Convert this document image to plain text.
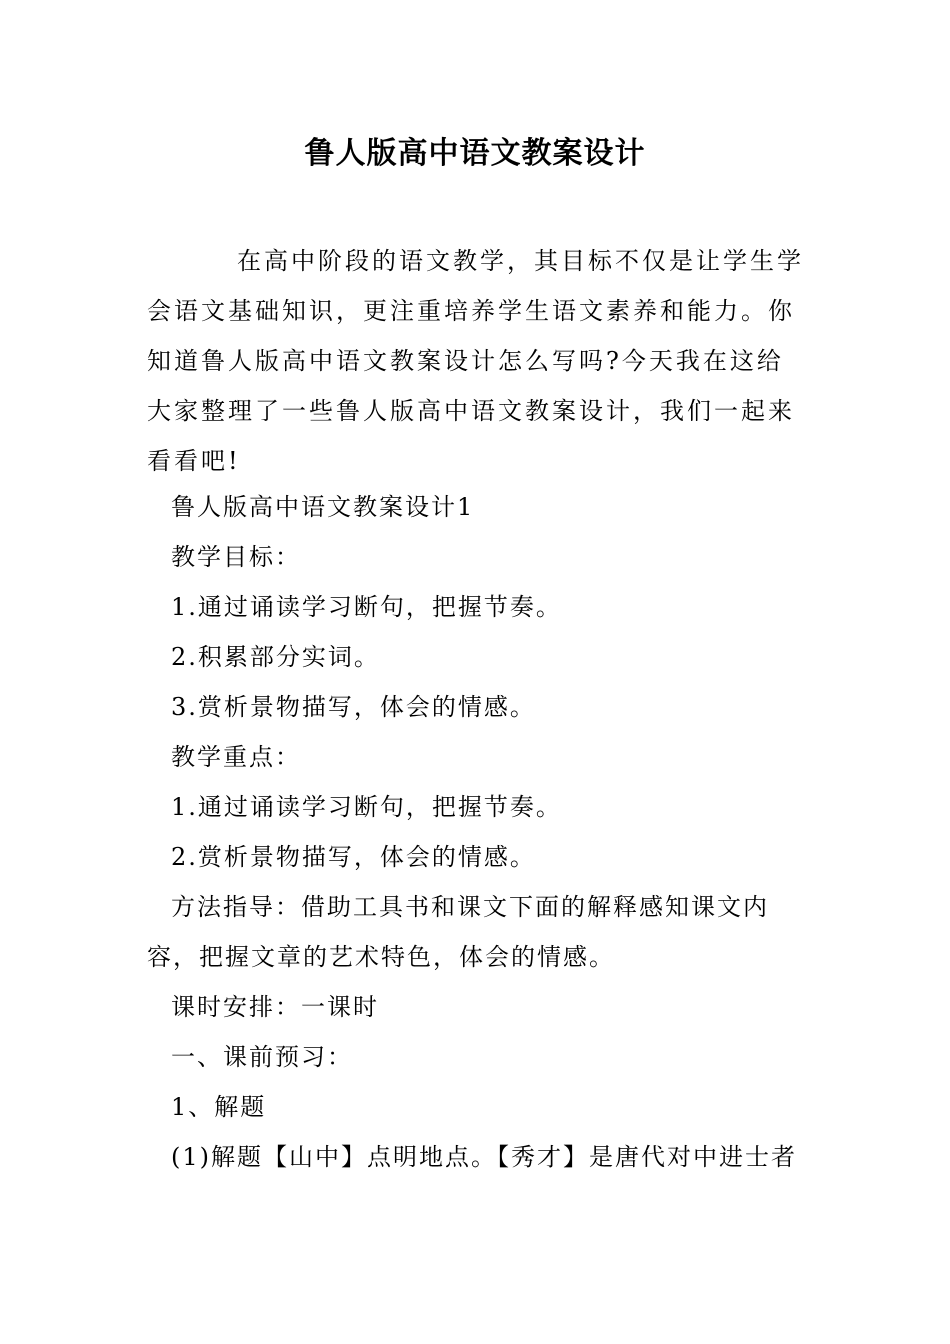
鲁人版高中语文教案设计

在高中阶段的语文教学，其目标不仅是让学生学会语文基础知识，更注重培养学生语文素养和能力。你知道鲁人版高中语文教案设计怎么写吗?今天我在这给大家整理了一些鲁人版高中语文教案设计，我们一起来看看吧!

鲁人版高中语文教案设计1

教学目标：

1.通过诵读学习断句，把握节奏。

2.积累部分实词。

3.赏析景物描写，体会的情感。

教学重点：

1.通过诵读学习断句，把握节奏。

2.赏析景物描写，体会的情感。

方法指导：借助工具书和课文下面的解释感知课文内容，把握文章的艺术特色，体会的情感。

课时安排：一课时

一、课前预习：

1、解题

(1)解题【山中】点明地点。【秀才】是唐代对中进士者
